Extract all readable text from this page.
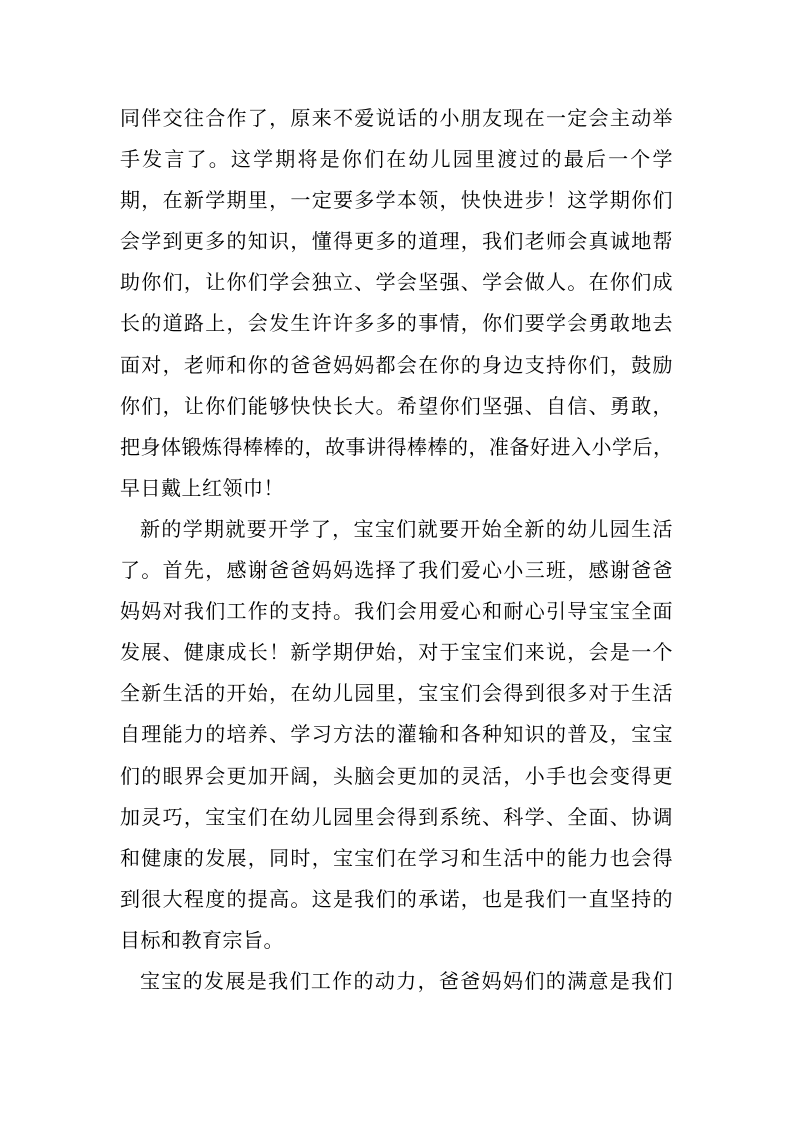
同伴交往合作了，原来不爱说话的小朋友现在一定会主动举
手发言了。这学期将是你们在幼儿园里渡过的最后一个学
期，在新学期里，一定要多学本领，快快进步！这学期你们
会学到更多的知识，懂得更多的道理，我们老师会真诚地帮
助你们，让你们学会独立、学会坚强、学会做人。在你们成
长的道路上，会发生许许多多的事情，你们要学会勇敢地去
面对，老师和你的爸爸妈妈都会在你的身边支持你们，鼓励
你们，让你们能够快快长大。希望你们坚强、自信、勇敢，
把身体锻炼得棒棒的，故事讲得棒棒的，准备好进入小学后，
早日戴上红领巾！
新的学期就要开学了，宝宝们就要开始全新的幼儿园生活
了。首先，感谢爸爸妈妈选择了我们爱心小三班，感谢爸爸
妈妈对我们工作的支持。我们会用爱心和耐心引导宝宝全面
发展、健康成长！新学期伊始，对于宝宝们来说，会是一个
全新生活的开始，在幼儿园里，宝宝们会得到很多对于生活
自理能力的培养、学习方法的灌输和各种知识的普及，宝宝
们的眼界会更加开阔，头脑会更加的灵活，小手也会变得更
加灵巧，宝宝们在幼儿园里会得到系统、科学、全面、协调
和健康的发展，同时，宝宝们在学习和生活中的能力也会得
到很大程度的提高。这是我们的承诺，也是我们一直坚持的
目标和教育宗旨。
宝宝的发展是我们工作的动力，爸爸妈妈们的满意是我们
